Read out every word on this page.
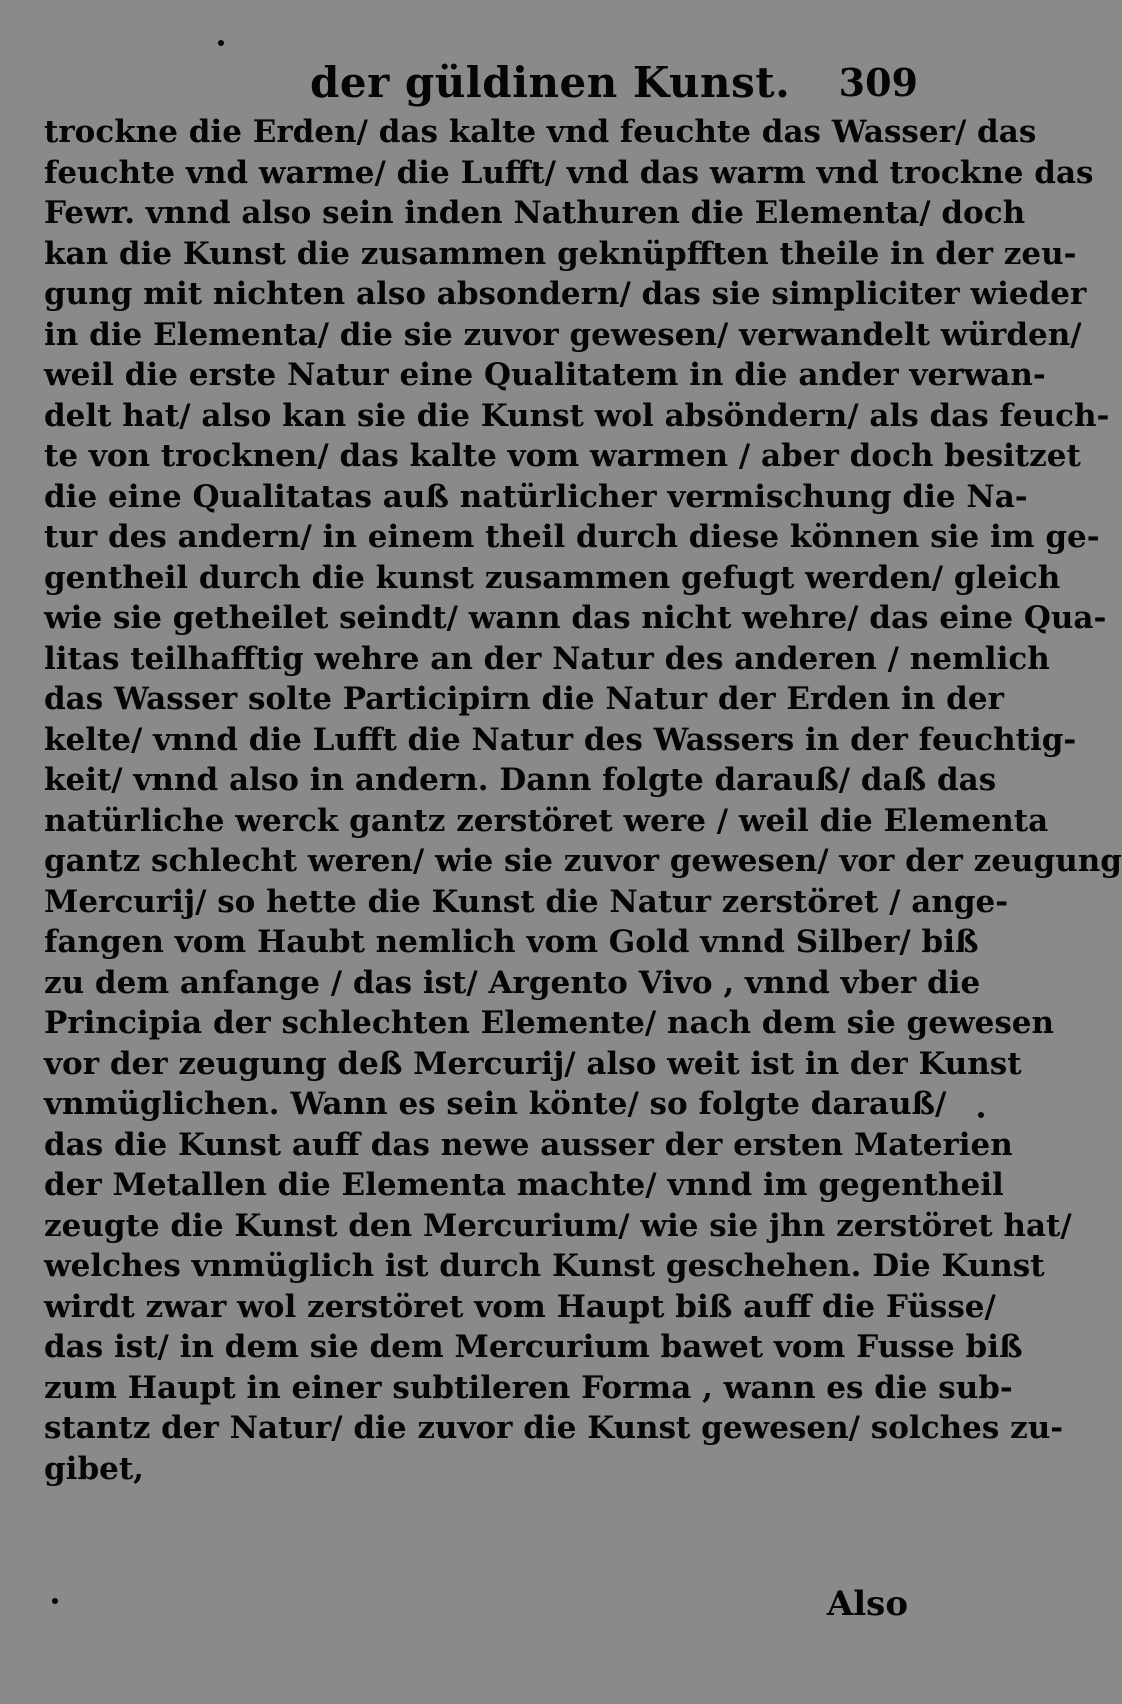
der güldinen Kunst. 309
trockne die Erden/ das kalte vnd feuchte das Wasser/ das
feuchte vnd warme/ die Lufft/ vnd das warm vnd trockne das
Fewr. vnnd also sein inden Nathuren die Elementa/ doch
kan die Kunst die zusammen geknüpfften theile in der zeu-
gung mit nichten also absondern/ das sie simpliciter wieder
in die Elementa/ die sie zuvor gewesen/ verwandelt würden/
weil die erste Natur eine Qualitatem in die ander verwan-
delt hat/ also kan sie die Kunst wol absöndern/ als das feuch-
te von trocknen/ das kalte vom warmen / aber doch besitzet
die eine Qualitatas auß natürlicher vermischung die Na-
tur des andern/ in einem theil durch diese können sie im ge-
gentheil durch die kunst zusammen gefugt werden/ gleich
wie sie getheilet seindt/ wann das nicht wehre/ das eine Qua-
litas teilhafftig wehre an der Natur des anderen / nemlich
das Wasser solte Participirn die Natur der Erden in der
kelte/ vnnd die Lufft die Natur des Wassers in der feuchtig-
keit/ vnnd also in andern. Dann folgte darauß/ daß das
natürliche werck gantz zerstöret were / weil die Elementa
gantz schlecht weren/ wie sie zuvor gewesen/ vor der zeugung
Mercurij/ so hette die Kunst die Natur zerstöret / ange-
fangen vom Haubt nemlich vom Gold vnnd Silber/ biß
zu dem anfange / das ist/ Argento Vivo , vnnd vber die
Principia der schlechten Elemente/ nach dem sie gewesen
vor der zeugung deß Mercurij/ also weit ist in der Kunst
vnmüglichen. Wann es sein könte/ so folgte darauß/
das die Kunst auff das newe ausser der ersten Materien
der Metallen die Elementa machte/ vnnd im gegentheil
zeugte die Kunst den Mercurium/ wie sie jhn zerstöret hat/
welches vnmüglich ist durch Kunst geschehen. Die Kunst
wirdt zwar wol zerstöret vom Haupt biß auff die Füsse/
das ist/ in dem sie dem Mercurium bawet vom Fusse biß
zum Haupt in einer subtileren Forma , wann es die sub-
stantz der Natur/ die zuvor die Kunst gewesen/ solches zu-
gibet,
Also
